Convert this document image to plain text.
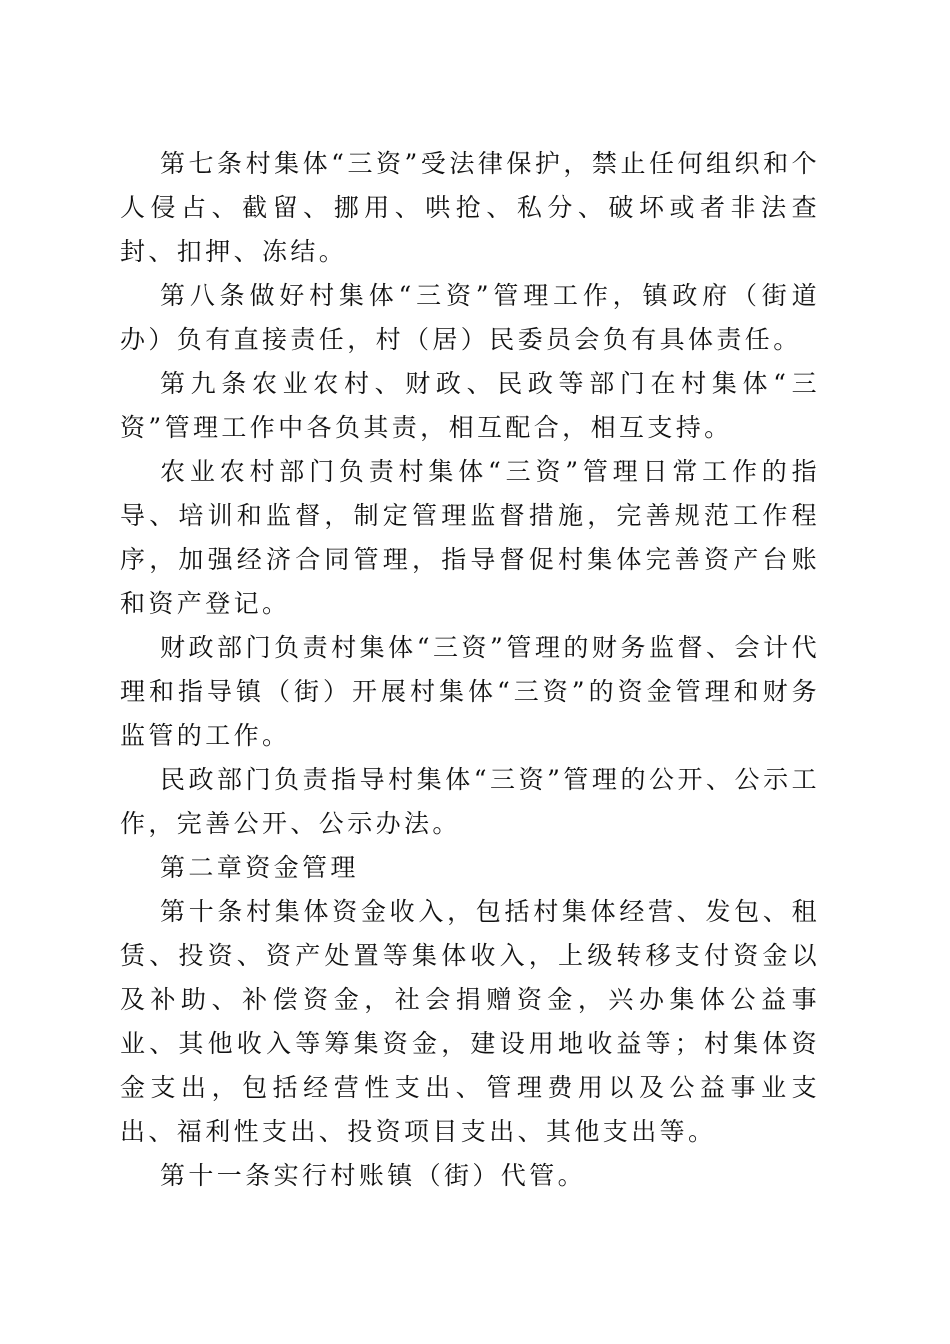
第七条村集体“三资”受法律保护，禁止任何组织和个人侵占、截留、挪用、哄抢、私分、破坏或者非法查封、扣押、冻结。

第八条做好村集体“三资”管理工作，镇政府（街道办）负有直接责任，村（居）民委员会负有具体责任。

第九条农业农村、财政、民政等部门在村集体“三资”管理工作中各负其责，相互配合，相互支持。

农业农村部门负责村集体“三资”管理日常工作的指导、培训和监督，制定管理监督措施，完善规范工作程序，加强经济合同管理，指导督促村集体完善资产台账和资产登记。

财政部门负责村集体“三资”管理的财务监督、会计代理和指导镇（街）开展村集体“三资”的资金管理和财务监管的工作。

民政部门负责指导村集体“三资”管理的公开、公示工作，完善公开、公示办法。

第二章资金管理

第十条村集体资金收入，包括村集体经营、发包、租赁、投资、资产处置等集体收入，上级转移支付资金以及补助、补偿资金，社会捐赠资金，兴办集体公益事业、其他收入等筹集资金，建设用地收益等；村集体资金支出，包括经营性支出、管理费用以及公益事业支出、福利性支出、投资项目支出、其他支出等。

第十一条实行村账镇（街）代管。
